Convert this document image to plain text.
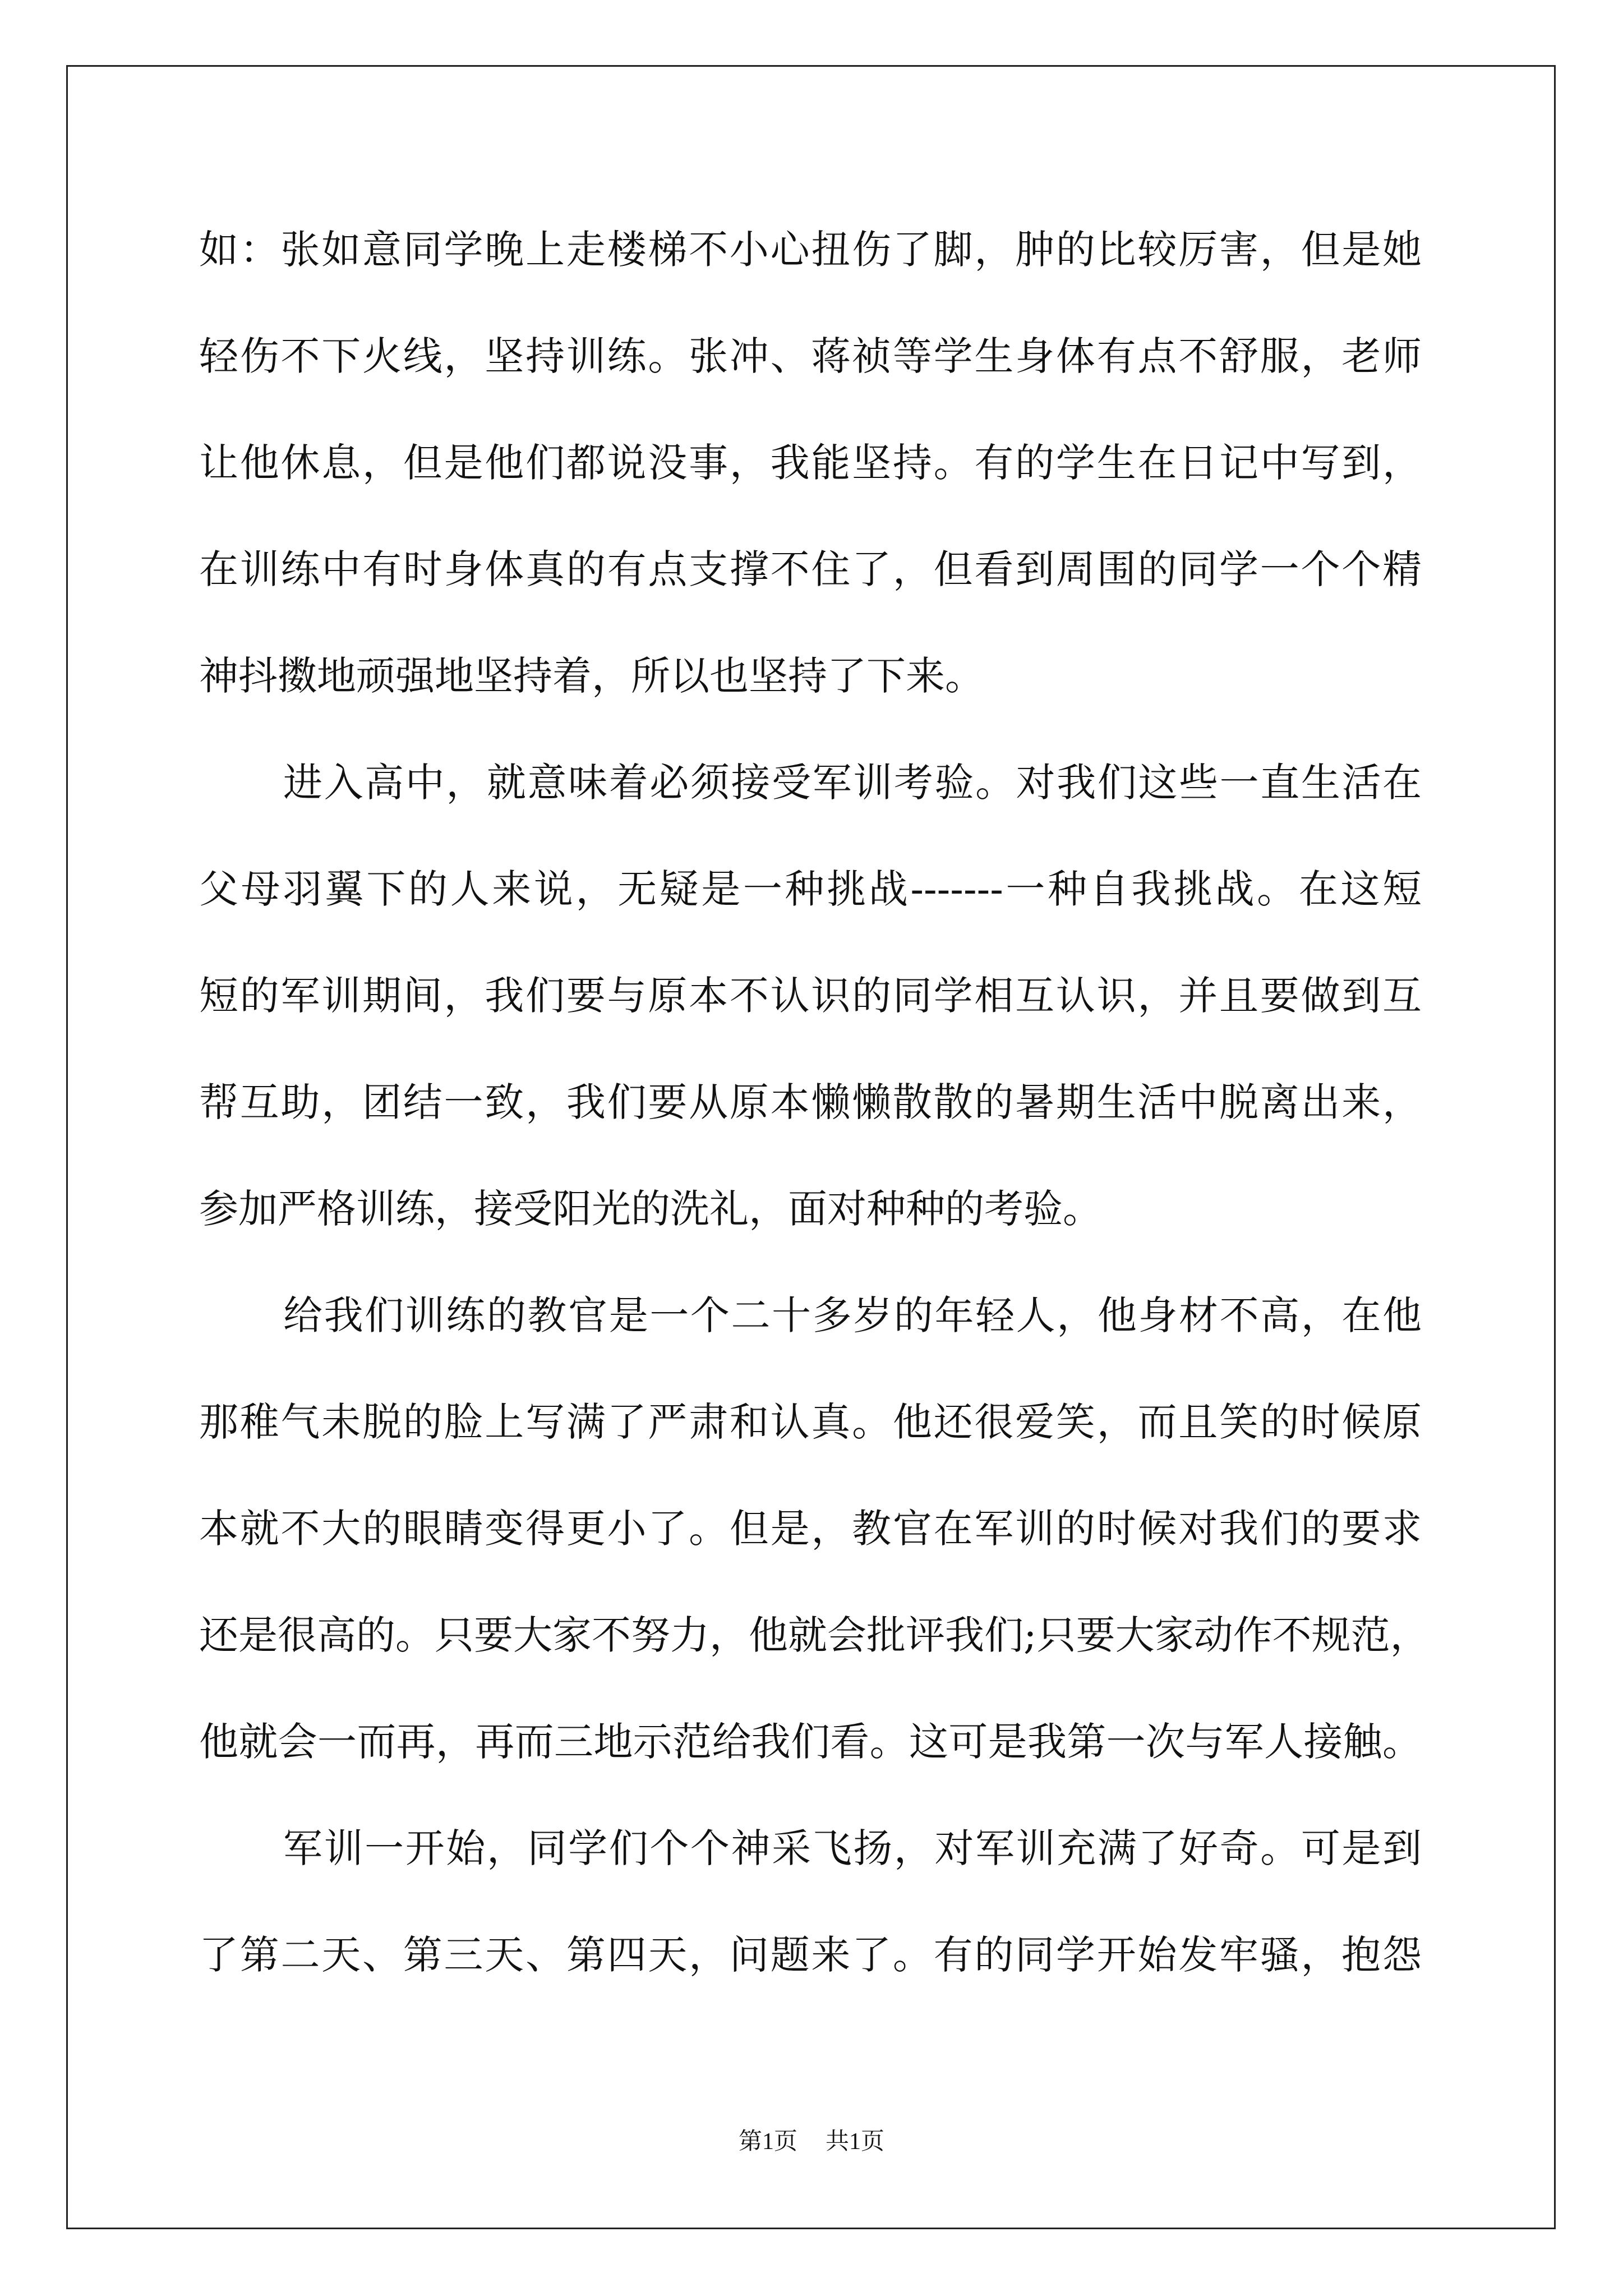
如：张如意同学晚上走楼梯不小心扭伤了脚，肿的比较厉害，但是她
轻伤不下火线，坚持训练。张冲、蒋祯等学生身体有点不舒服，老师
让他休息，但是他们都说没事，我能坚持。有的学生在日记中写到，
在训练中有时身体真的有点支撑不住了，但看到周围的同学一个个精
神抖擞地顽强地坚持着，所以也坚持了下来。
进入高中，就意味着必须接受军训考验。对我们这些一直生活在
父母羽翼下的人来说，无疑是一种挑战-------一种自我挑战。在这短
短的军训期间，我们要与原本不认识的同学相互认识，并且要做到互
帮互助，团结一致，我们要从原本懒懒散散的暑期生活中脱离出来，
参加严格训练，接受阳光的洗礼，面对种种的考验。
给我们训练的教官是一个二十多岁的年轻人，他身材不高，在他
那稚气未脱的脸上写满了严肃和认真。他还很爱笑，而且笑的时候原
本就不大的眼睛变得更小了。但是，教官在军训的时候对我们的要求
还是很高的。只要大家不努力，他就会批评我们;只要大家动作不规范，
他就会一而再，再而三地示范给我们看。这可是我第一次与军人接触。
军训一开始，同学们个个神采飞扬，对军训充满了好奇。可是到
了第二天、第三天、第四天，问题来了。有的同学开始发牢骚，抱怨
第1页 共1页
